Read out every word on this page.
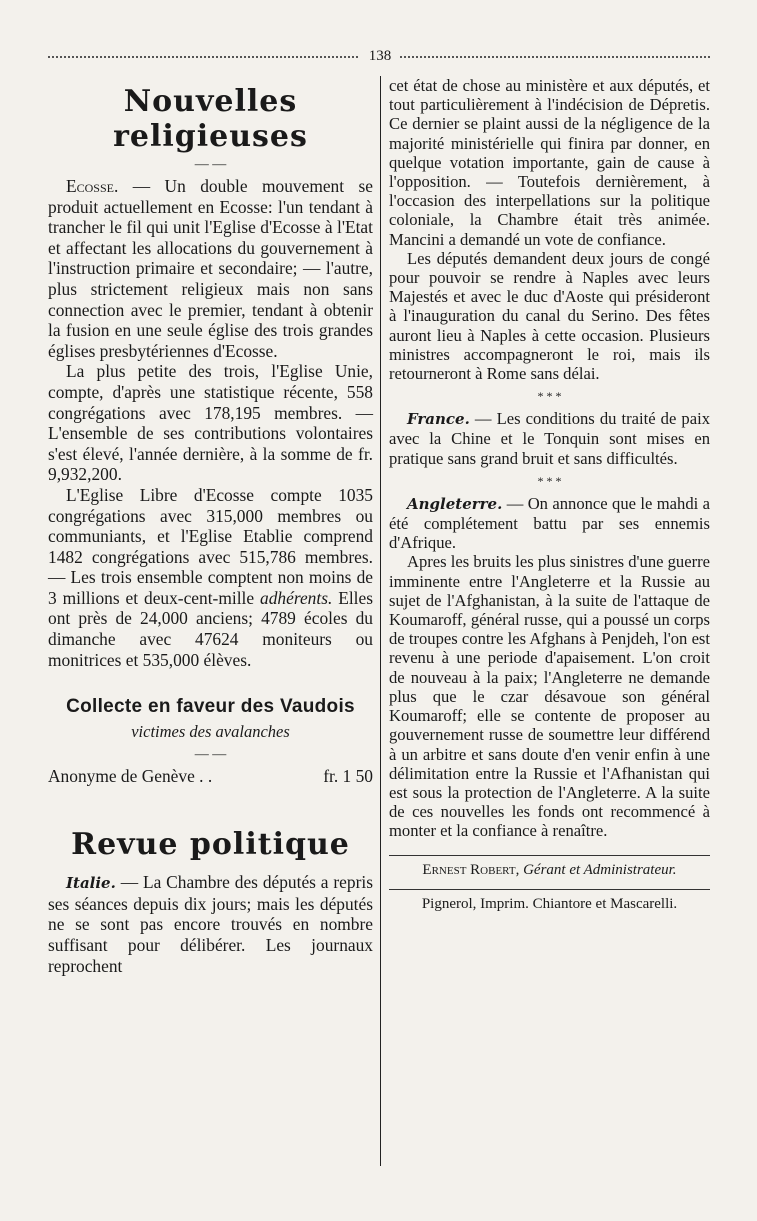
138
Nouvelles religieuses
— —

Ecosse. — Un double mouvement se produit actuellement en Ecosse: l'un tendant à trancher le fil qui unit l'Eglise d'Ecosse à l'Etat et affectant les allocations du gouvernement à l'instruction primaire et secondaire; — l'autre, plus strictement religieux mais non sans connection avec le premier, tendant à obtenir la fusion en une seule église des trois grandes églises presbytériennes d'Ecosse.

La plus petite des trois, l'Eglise Unie, compte, d'après une statistique récente, 558 congrégations avec 178,195 membres. — L'ensemble de ses contributions volontaires s'est élevé, l'année dernière, à la somme de fr. 9,932,200.

L'Eglise Libre d'Ecosse compte 1035 congrégations avec 315,000 membres ou communiants, et l'Eglise Etablie comprend 1482 congrégations avec 515,786 membres. — Les trois ensemble comptent non moins de 3 millions et deux-cent-mille adhérents. Elles ont près de 24,000 anciens; 4789 écoles du dimanche avec 47624 moniteurs ou monitrices et 535,000 élèves.

Collecte en faveur des Vaudois
victimes des avalanches
— —
Anonyme de Genève . .	fr. 1 50
Revue politique

Italie. — La Chambre des députés a repris ses séances depuis dix jours; mais les députés ne se sont pas encore trouvés en nombre suffisant pour délibérer. Les journaux reprochent

cet état de chose au ministère et aux députés, et tout particulièrement à l'indécision de Dépretis. Ce dernier se plaint aussi de la négligence de la majorité ministérielle qui finira par donner, en quelque votation importante, gain de cause à l'opposition. — Toutefois dernièrement, à l'occasion des interpellations sur la politique coloniale, la Chambre était très animée. Mancini a demandé un vote de confiance.

Les députés demandent deux jours de congé pour pouvoir se rendre à Naples avec leurs Majestés et avec le duc d'Aoste qui présideront à l'inauguration du canal du Serino. Des fêtes auront lieu à Naples à cette occasion. Plusieurs ministres accompagneront le roi, mais ils retourneront à Rome sans délai.

* * *

France. — Les conditions du traité de paix avec la Chine et le Tonquin sont mises en pratique sans grand bruit et sans difficultés.

* * *

Angleterre. — On annonce que le mahdi a été complétement battu par ses ennemis d'Afrique.

Apres les bruits les plus sinistres d'une guerre imminente entre l'Angleterre et la Russie au sujet de l'Afghanistan, à la suite de l'attaque de Koumaroff, général russe, qui a poussé un corps de troupes contre les Afghans à Penjdeh, l'on est revenu à une periode d'apaisement. L'on croit de nouveau à la paix; l'Angleterre ne demande plus que le czar désavoue son général Koumaroff; elle se contente de proposer au gouvernement russe de soumettre leur différend à un arbitre et sans doute d'en venir enfin à une délimitation entre la Russie et l'Afhanistan qui est sous la protection de l'Angleterre. A la suite de ces nouvelles les fonds ont recommencé à monter et la confiance à renaître.

Ernest Robert, Gérant et Administrateur.
Pignerol, Imprim. Chiantore et Mascarelli.
